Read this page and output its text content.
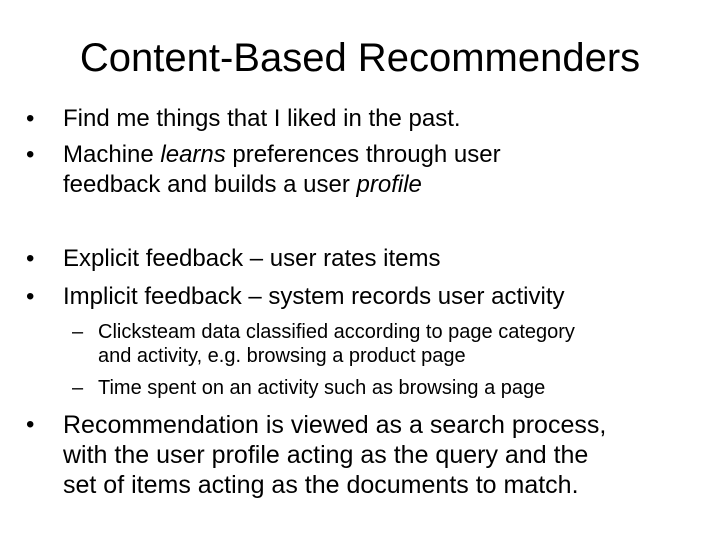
Content-Based Recommenders
•	Find me things that I liked in the past.
•	Machine learns preferences through user
feedback and builds a user profile
•	Explicit feedback – user rates items
•	Implicit feedback – system records user activity
– Clicksteam data classified according to page category
and activity, e.g. browsing a product page
– Time spent on an activity such as browsing a page
•	Recommendation is viewed as a search process,
with the user profile acting as the query and the
set of items acting as the documents to match.
